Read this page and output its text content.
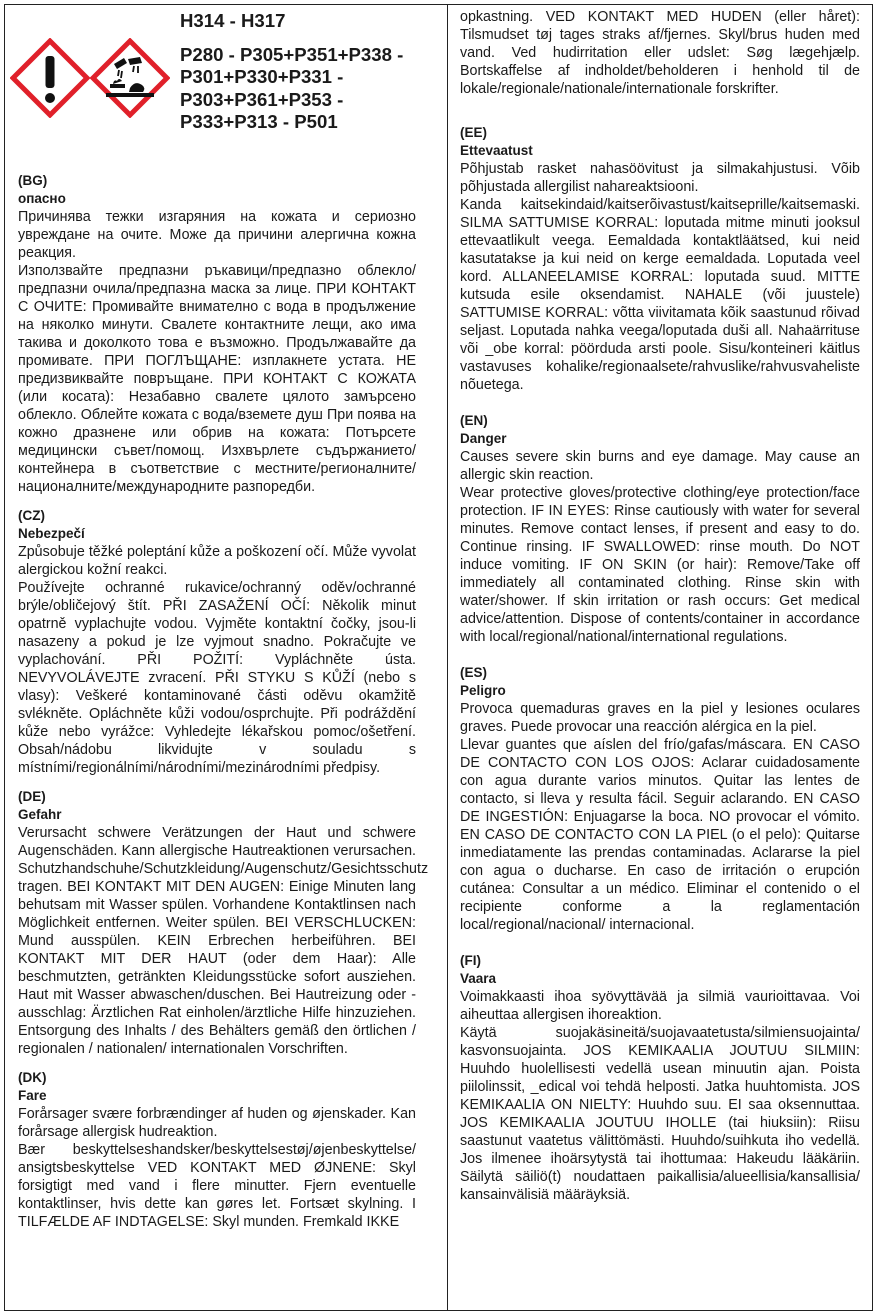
H314 - H317
P280 - P305+P351+P338 -
P301+P330+P331 -
P303+P361+P353 -
P333+P313 - P501
(BG)
опасно

Причинява тежки изгаряния на кожата и сериозно увреждане на очите. Може да причини алергична кожна реакция.

Използвайте предпазни ръкавици/предпазно облекло/предпазни очила/предпазна маска за лице. ПРИ КОНТАКТ С ОЧИТЕ: Промивайте внимателно с вода в продължение на няколко минути. Свалете контактните лещи, ако има такива и доколкото това е възможно. Продължавайте да промивате. ПРИ ПОГЛЪЩАНЕ: изплакнете устата. НЕ предизвиквайте повръщане. ПРИ КОНТАКТ С КОЖАТА (или косата): Незабавно свалете цялото замърсено облекло. Облейте кожата с вода/вземете душ При поява на кожно дразнене или обрив на кожата: Потърсете медицински съвет/помощ. Изхвърлете съдържанието/контейнера в съответствие с местните/регионалните/националните/международните разпоредби.

(CZ)
Nebezpečí

Způsobuje těžké poleptání kůže a poškození očí. Může vyvolat alergickou kožní reakci.

Používejte ochranné rukavice/ochranný oděv/ochranné brýle/obličejový štít. PŘI ZASAŽENÍ OČÍ: Několik minut opatrně vyplachujte vodou. Vyjměte kontaktní čočky, jsou-li nasazeny a pokud je lze vyjmout snadno. Pokračujte ve vyplachování. PŘI POŽITÍ: Vypláchněte ústa. NEVYVOLÁVEJTE zvracení. PŘI STYKU S KŮŽÍ (nebo s vlasy): Veškeré kontaminované části oděvu okamžitě svlékněte. Opláchněte kůži vodou/osprchujte. Při podráždění kůže nebo vyrážce: Vyhledejte lékařskou pomoc/ošetření. Obsah/nádobu likvidujte v souladu s místními/regionálními/národními/mezinárodními předpisy.

(DE)
Gefahr

Verursacht schwere Verätzungen der Haut und schwere Augenschäden. Kann allergische Hautreaktionen verursachen. Schutzhandschuhe/Schutzkleidung/Augenschutz/Gesichtsschutz tragen. BEI KONTAKT MIT DEN AUGEN: Einige Minuten lang behutsam mit Wasser spülen. Vorhandene Kontaktlinsen nach Möglichkeit entfernen. Weiter spülen. BEI VERSCHLUCKEN: Mund ausspülen. KEIN Erbrechen herbeiführen. BEI KONTAKT MIT DER HAUT (oder dem Haar): Alle beschmutzten, getränkten Kleidungsstücke sofort ausziehen. Haut mit Wasser abwaschen/duschen. Bei Hautreizung oder -ausschlag: Ärztlichen Rat einholen/ärztliche Hilfe hinzuziehen. Entsorgung des Inhalts / des Behälters gemäß den örtlichen / regionalen / nationalen/ internationalen Vorschriften.

(DK)
Fare

Forårsager svære forbrændinger af huden og øjenskader. Kan forårsage allergisk hudreaktion.

Bær beskyttelseshandsker/beskyttelsestøj/øjenbeskyttelse/ ansigtsbeskyttelse VED KONTAKT MED ØJNENE: Skyl forsigtigt med vand i flere minutter. Fjern eventuelle kontaktlinser, hvis dette kan gøres let. Fortsæt skylning. I TILFÆLDE AF INDTAGELSE: Skyl munden. Fremkald IKKE

opkastning. VED KONTAKT MED HUDEN (eller håret): Tilsmudset tøj tages straks af/fjernes. Skyl/brus huden med vand. Ved hudirritation eller udslet: Søg lægehjælp. Bortskaffelse af indholdet/beholderen i henhold til de lokale/regionale/nationale/internationale forskrifter.

(EE)
Ettevaatust

Põhjustab rasket nahasöövitust ja silmakahjustusi. Võib põhjustada allergilist nahareaktsiooni.

Kanda kaitsekindaid/kaitserõivastust/kaitseprille/kaitsemaski. SILMA SATTUMISE KORRAL: loputada mitme minuti jooksul ettevaatlikult veega. Eemaldada kontaktläätsed, kui neid kasutatakse ja kui neid on kerge eemaldada. Loputada veel kord. ALLANEELAMISE KORRAL: loputada suud. MITTE kutsuda esile oksendamist. NAHALE (või juustele) SATTUMISE KORRAL: võtta viivitamata kõik saastunud rõivad seljast. Loputada nahka veega/loputada duši all. Nahaärrituse või _obe korral: pöörduda arsti poole. Sisu/konteineri käitlus vastavuses kohalike/regionaalsete/rahvuslike/rahvusvaheliste nõuetega.

(EN)
Danger

Causes severe skin burns and eye damage. May cause an allergic skin reaction.

Wear protective gloves/protective clothing/eye protection/face protection. IF IN EYES: Rinse cautiously with water for several minutes. Remove contact lenses, if present and easy to do. Continue rinsing. IF SWALLOWED: rinse mouth. Do NOT induce vomiting. IF ON SKIN (or hair): Remove/Take off immediately all contaminated clothing. Rinse skin with water/shower. If skin irritation or rash occurs: Get medical advice/attention. Dispose of contents/container in accordance with local/regional/national/international regulations.

(ES)
Peligro

Provoca quemaduras graves en la piel y lesiones oculares graves. Puede provocar una reacción alérgica en la piel.

Llevar guantes que aíslen del frío/gafas/máscara. EN CASO DE CONTACTO CON LOS OJOS: Aclarar cuidadosamente con agua durante varios minutos. Quitar las lentes de contacto, si lleva y resulta fácil. Seguir aclarando. EN CASO DE INGESTIÓN: Enjuagarse la boca. NO provocar el vómito. EN CASO DE CONTACTO CON LA PIEL (o el pelo): Quitarse inmediatamente las prendas contaminadas. Aclararse la piel con agua o ducharse. En caso de irritación o erupción cutánea: Consultar a un médico. Eliminar el contenido o el recipiente conforme a la reglamentación local/regional/nacional/ internacional.

(FI)
Vaara

Voimakkaasti ihoa syövyttävää ja silmiä vaurioittavaa. Voi aiheuttaa allergisen ihoreaktion.

Käytä suojakäsineitä/suojavaatetusta/silmiensuojainta/ kasvonsuojainta. JOS KEMIKAALIA JOUTUU SILMIIN: Huuhdo huolellisesti vedellä usean minuutin ajan. Poista piilolinssit, _edical voi tehdä helposti. Jatka huuhtomista. JOS KEMIKAALIA ON NIELTY: Huuhdo suu. EI saa oksennuttaa. JOS KEMIKAALIA JOUTUU IHOLLE (tai hiuksiin): Riisu saastunut vaatetus välittömästi. Huuhdo/suihkuta iho vedellä. Jos ilmenee ihoärsytystä tai ihottumaa: Hakeudu lääkäriin. Säilytä säiliö(t) noudattaen paikallisia/alueellisia/kansallisia/ kansainvälisiä määräyksiä.
